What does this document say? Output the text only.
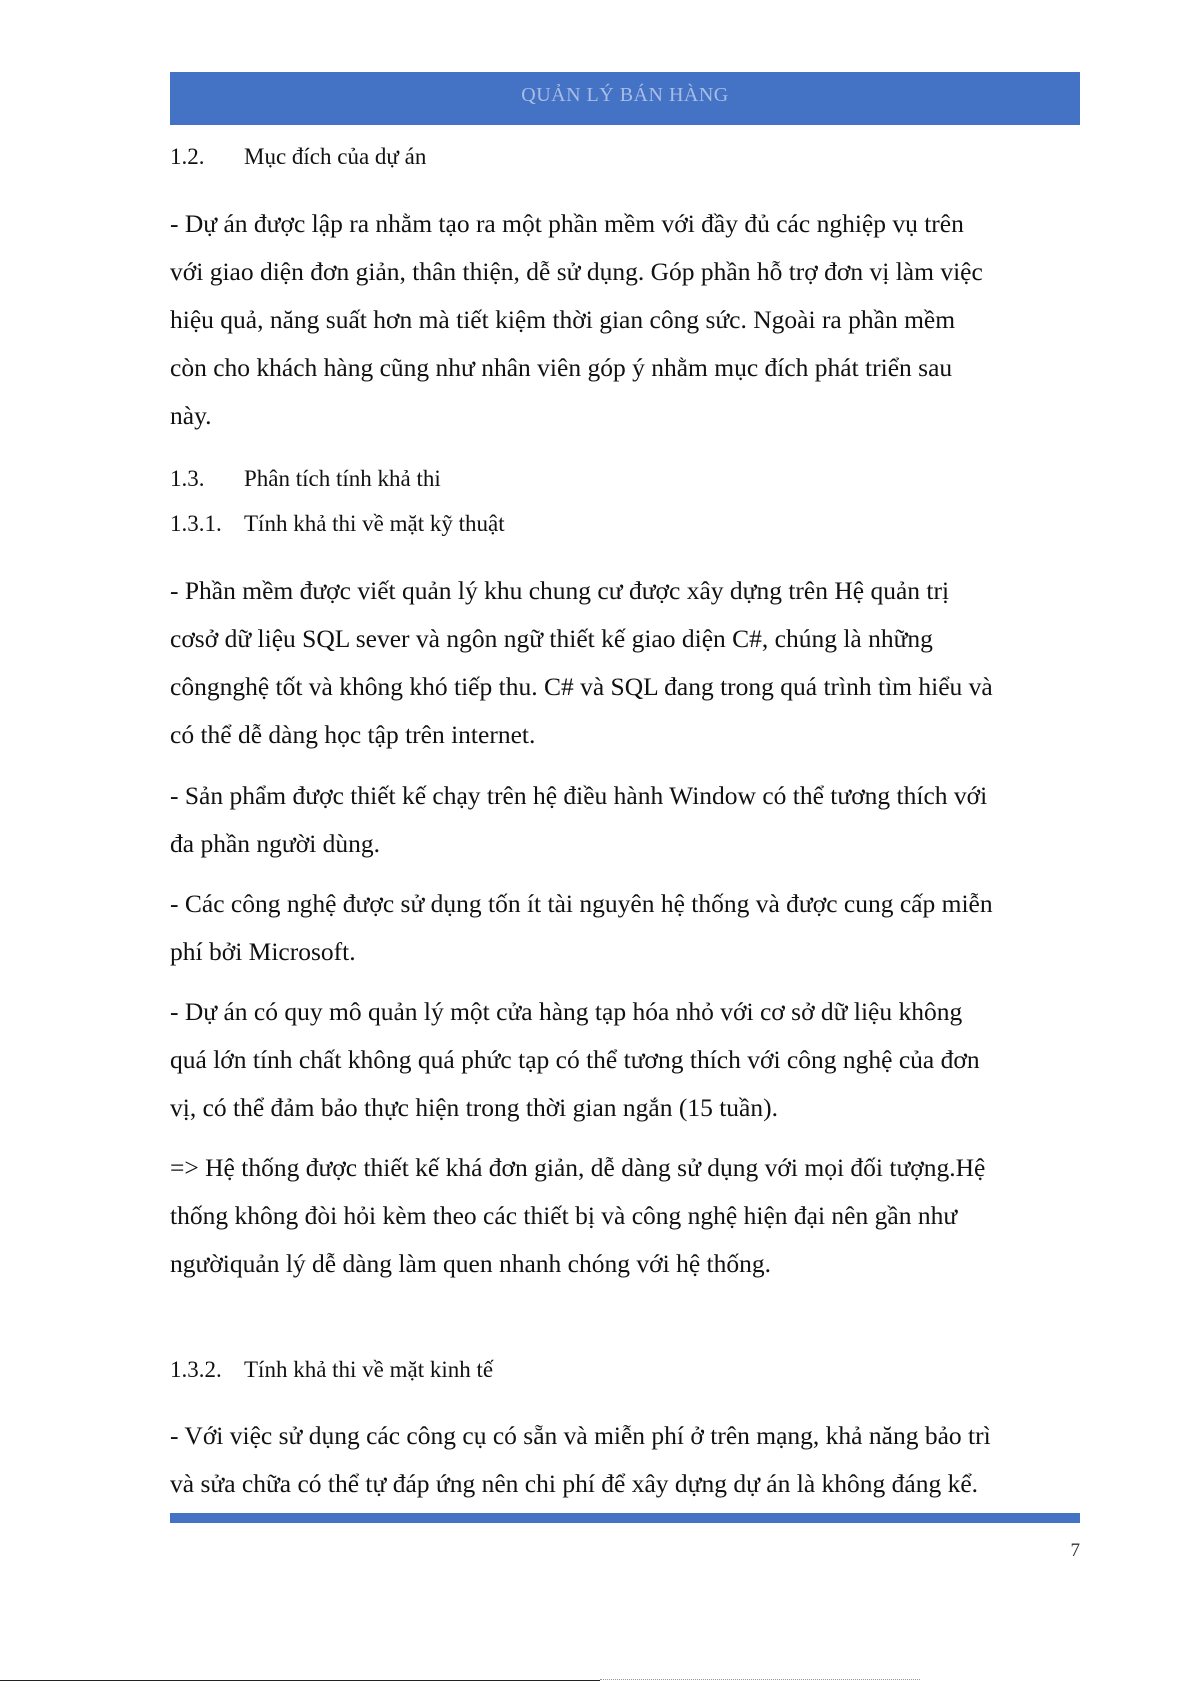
QUẢN LÝ BÁN HÀNG
1.2. Mục đích của dự án
- Dự án được lập ra nhằm tạo ra một phần mềm với đầy đủ các nghiệp vụ trên
với giao diện đơn giản, thân thiện, dễ sử dụng. Góp phần hỗ trợ đơn vị làm việc
hiệu quả, năng suất hơn mà tiết kiệm thời gian công sức. Ngoài ra phần mềm
còn cho khách hàng cũng như nhân viên góp ý nhằm mục đích phát triển sau
này.
1.3. Phân tích tính khả thi
1.3.1. Tính khả thi về mặt kỹ thuật
- Phần mềm được viết quản lý khu chung cư được xây dựng trên Hệ quản trị
cơsở dữ liệu SQL sever và ngôn ngữ thiết kế giao diện C#, chúng là những
côngnghệ tốt và không khó tiếp thu. C# và SQL đang trong quá trình tìm hiểu và
có thể dễ dàng học tập trên internet.
- Sản phẩm được thiết kế chạy trên hệ điều hành Window có thể tương thích với
đa phần người dùng.
- Các công nghệ được sử dụng tốn ít tài nguyên hệ thống và được cung cấp miễn
phí bởi Microsoft.
- Dự án có quy mô quản lý một cửa hàng tạp hóa nhỏ với cơ sở dữ liệu không
quá lớn tính chất không quá phức tạp có thể tương thích với công nghệ của đơn
vị, có thể đảm bảo thực hiện trong thời gian ngắn (15 tuần).
=> Hệ thống được thiết kế khá đơn giản, dễ dàng sử dụng với mọi đối tượng.Hệ
thống không đòi hỏi kèm theo các thiết bị và công nghệ hiện đại nên gần như
ngườiquản lý dễ dàng làm quen nhanh chóng với hệ thống.
1.3.2. Tính khả thi về mặt kinh tế
- Với việc sử dụng các công cụ có sẵn và miễn phí ở trên mạng, khả năng bảo trì
và sửa chữa có thể tự đáp ứng nên chi phí để xây dựng dự án là không đáng kể.
7
